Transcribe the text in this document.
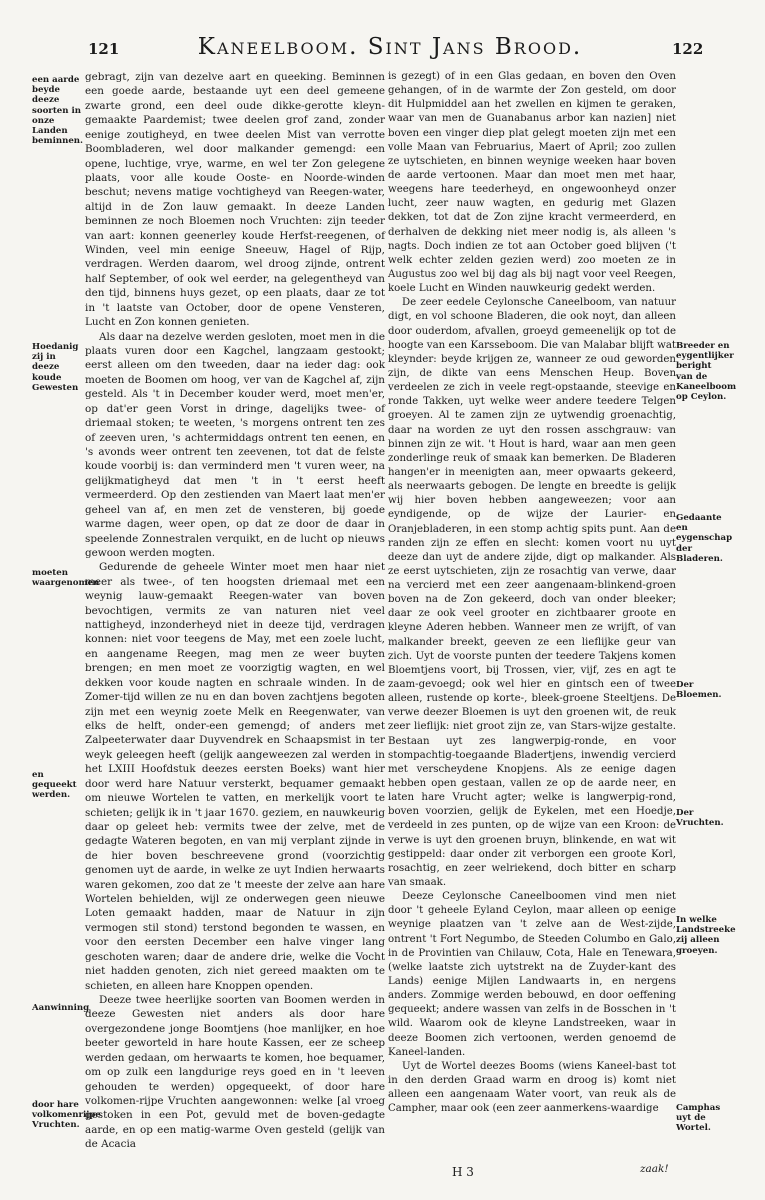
121	Kaneelboom. Sint Jans Brood.	122

gebragt, zijn van dezelve aart en queeking. Beminnen een goede aarde, bestaande uyt een deel gemeene zwarte grond, een deel oude dikke-gerotte kleyn-gemaakte Paardemist; twee deelen grof zand, zonder eenige zoutigheyd, en twee deelen Mist van verrotte Boombladeren, wel door malkander gemengd: een opene, luchtige, vrye, warme, en wel ter Zon gelegene plaats, voor alle koude Ooste- en Noorde-winden beschut; nevens matige vochtigheyd van Reegen-water, altijd in de Zon lauw gemaakt. In deeze Landen beminnen ze noch Bloemen noch Vruchten: zijn teeder van aart: konnen geenerley koude Herfst-reegenen, of Winden, veel min eenige Sneeuw, Hagel of Rijp, verdragen. Werden daarom, wel droog zijnde, ontrent half September, of ook wel eerder, na gelegentheyd van den tijd, binnens huys gezet, op een plaats, daar ze tot in 't laatste van October, door de opene Vensteren, Lucht en Zon konnen genieten.

Als daar na dezelve werden gesloten, moet men in die plaats vuren door een Kagchel, langzaam gestookt; eerst alleen om den tweeden, daar na ieder dag: ook moeten de Boomen om hoog, ver van de Kagchel af, zijn gesteld. Als 't in December kouder werd, moet men'er, op dat'er geen Vorst in dringe, dagelijks twee- of driemaal stoken; te weeten, 's morgens ontrent ten zes of zeeven uren, 's achtermiddags ontrent ten eenen, en 's avonds weer ontrent ten zeevenen, tot dat de felste koude voorbij is: dan verminderd men 't vuren weer, na gelijkmatigheyd dat men 't in 't eerst heeft vermeerderd. Op den zestienden van Maert laat men'er geheel van af, en men zet de vensteren, bij goede warme dagen, weer open, op dat ze door de daar in speelende Zonnestralen verquikt, en de lucht op nieuws gewoon werden mogten.

Gedurende de geheele Winter moet men haar niet meer als twee-, of ten hoogsten driemaal met een weynig lauw-gemaakt Reegen-water van boven bevochtigen, vermits ze van naturen niet veel nattigheyd, inzonderheyd niet in deeze tijd, verdragen konnen: niet voor teegens de May, met een zoele lucht, en aangename Reegen, mag men ze weer buyten brengen; en men moet ze voorzigtig wagten, en wel dekken voor koude nagten en schraale winden. In de Zomer-tijd willen ze nu en dan boven zachtjens begoten zijn met een weynig zoete Melk en Reegenwater, van elks de helft, onder-een gemengd; of anders met Zalpeeterwater daar Duyvendrek en Schaapsmist in ter weyk geleegen heeft (gelijk aangeweezen zal werden in het LXIII Hoofdstuk deezes eersten Boeks) want hier door werd hare Natuur versterkt, bequamer gemaakt om nieuwe Wortelen te vatten, en merkelijk voort te schieten; gelijk ik in 't jaar 1670. geziem, en nauwkeurig daar op geleet heb: vermits twee der zelve, met de gedagte Wateren begoten, en van mij verplant zijnde in de hier boven beschreevene grond (voorzichtig genomen uyt de aarde, in welke ze uyt Indien herwaarts waren gekomen, zoo dat ze 't meeste der zelve aan hare Wortelen behielden, wijl ze onderwegen geen nieuwe Loten gemaakt hadden, maar de Natuur in zijn vermogen stil stond) terstond begonden te wassen, en voor den eersten December een halve vinger lang geschoten waren; daar de andere drie, welke die Vocht niet hadden genoten, zich niet gereed maakten om te schieten, en alleen hare Knoppen openden.

Deeze twee heerlijke soorten van Boomen werden in deeze Gewesten niet anders als door hare overgezondene jonge Boomtjens (hoe manlijker, en hoe beeter geworteld in hare houte Kassen, eer ze scheep werden gedaan, om herwaarts te komen, hoe bequamer, om op zulk een langdurige reys goed en in 't leeven gehouden te werden) opgequeekt, of door hare volkomen-rijpe Vruchten aangewonnen: welke [al vroeg gestoken in een Pot, gevuld met de boven-gedagte aarde, en op een matig-warme Oven gesteld (gelijk van de Acacia

is gezegt) of in een Glas gedaan, en boven den Oven gehangen, of in de warmte der Zon gesteld, om door dit Hulpmiddel aan het zwellen en kijmen te geraken, waar van men de Guanabanus arbor kan nazien] niet boven een vinger diep plat gelegt moeten zijn met een volle Maan van Februarius, Maert of April; zoo zullen ze uytschieten, en binnen weynige weeken haar boven de aarde vertoonen. Maar dan moet men met haar, weegens hare teederheyd, en ongewoonheyd onzer lucht, zeer nauw wagten, en gedurig met Glazen dekken, tot dat de Zon zijne kracht vermeerderd, en derhalven de dekking niet meer nodig is, als alleen 's nagts. Doch indien ze tot aan October goed blijven ('t welk echter zelden gezien werd) zoo moeten ze in Augustus zoo wel bij dag als bij nagt voor veel Reegen, koele Lucht en Winden nauwkeurig gedekt werden.

De zeer eedele Ceylonsche Caneelboom, van natuur digt, en vol schoone Bladeren, die ook noyt, dan alleen door ouderdom, afvallen, groeyd gemeenelijk op tot de hoogte van een Karsseboom. Die van Malabar blijft wat kleynder: beyde krijgen ze, wanneer ze oud geworden zijn, de dikte van eens Menschen Heup. Boven verdeelen ze zich in veele regt-opstaande, steevige en ronde Takken, uyt welke weer andere teedere Telgen groeyen. Al te zamen zijn ze uytwendig groenachtig, daar na worden ze uyt den rossen asschgrauw: van binnen zijn ze wit. 't Hout is hard, waar aan men geen zonderlinge reuk of smaak kan bemerken. De Bladeren hangen'er in meenigten aan, meer opwaarts gekeerd, als neerwaarts gebogen. De lengte en breedte is gelijk wij hier boven hebben aangeweezen; voor aan eyndigende, op de wijze der Laurier- en Oranjebladeren, in een stomp achtig spits punt. Aan de randen zijn ze effen en slecht: komen voort nu uyt deeze dan uyt de andere zijde, digt op malkander. Als ze eerst uytschieten, zijn ze rosachtig van verwe, daar na vercierd met een zeer aangenaam-blinkend-groen boven na de Zon gekeerd, doch van onder bleeker; daar ze ook veel grooter en zichtbaarer groote en kleyne Aderen hebben. Wanneer men ze wrijft, of van malkander breekt, geeven ze een lieflijke geur van zich. Uyt de voorste punten der teedere Takjens komen Bloemtjens voort, bij Trossen, vier, vijf, zes en agt te zaam-gevoegd; ook wel hier en gintsch een of twee alleen, rustende op korte-, bleek-groene Steeltjens. De verwe deezer Bloemen is uyt den groenen wit, de reuk zeer lieflijk: niet groot zijn ze, van Stars-wijze gestalte. Bestaan uyt zes langwerpig-ronde, en voor stompachtig-toegaande Bladertjens, inwendig vercierd met verscheydene Knopjens. Als ze eenige dagen hebben open gestaan, vallen ze op de aarde neer, en laten hare Vrucht agter; welke is langwerpig-rond, boven voorzien, gelijk de Eykelen, met een Hoedje, verdeeld in zes punten, op de wijze van een Kroon: de verwe is uyt den groenen bruyn, blinkende, en wat wit gestippeld: daar onder zit verborgen een groote Korl, rosachtig, en zeer welriekend, doch bitter en scharp van smaak.

Deeze Ceylonsche Caneelboomen vind men niet door 't geheele Eyland Ceylon, maar alleen op eenige weynige plaatzen van 't zelve aan de West-zijde, ontrent 't Fort Negumbo, de Steeden Columbo en Galo, in de Provintien van Chilauw, Cota, Hale en Tenewara, (welke laatste zich uytstrekt na de Zuyder-kant des Lands) eenige Mijlen Landwaarts in, en nergens anders. Zommige werden bebouwd, en door oeffening gequeekt; andere wassen van zelfs in de Bosschen in 't wild. Waarom ook de kleyne Landstreeken, waar in deeze Boomen zich vertoonen, werden genoemd de Kaneel-landen.

Uyt de Wortel deezes Booms (wiens Kaneel-bast tot in den derden Graad warm en droog is) komt niet alleen een aangenaam Water voort, van reuk als de Campher, maar ook (een zeer aanmerkens-waardige

een aarde beyde deeze soorten in onze Landen beminnen.
Hoedanig zij in deeze koude Gewesten
moeten waargenomen
en gequeekt werden.
Aanwinning
door hare volkomenrijpe Vruchten.
Breeder en eygentlijker beright van de Kaneelboom op Ceylon.
Gedaante en eygenschap der Bladeren.
Der Bloemen.
Der Vruchten.
In welke Landstreeke zij alleen groeyen.
Camphas uyt de Wortel.
H 3	zaak!
